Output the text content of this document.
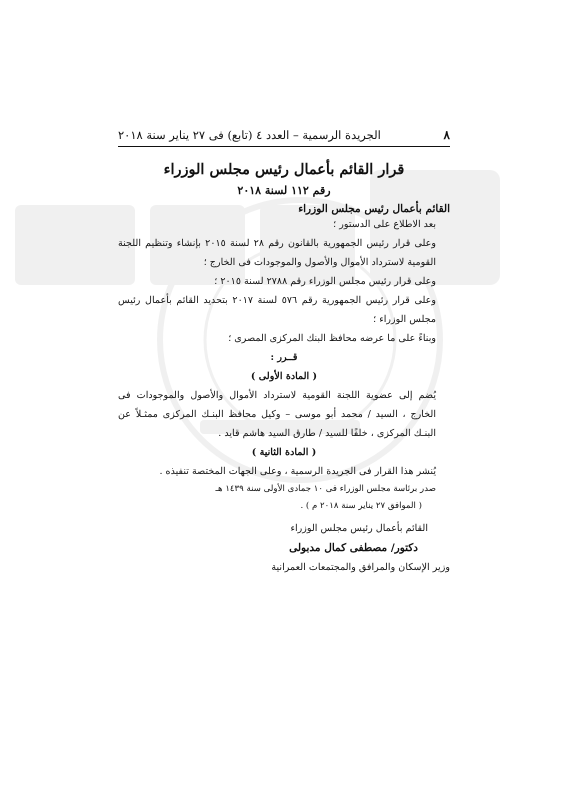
٨
الجريدة الرسمية – العدد ٤ (تابع) فى ٢٧ يناير سنة ٢٠١٨
قرار القائم بأعمال رئيس مجلس الوزراء
رقم ١١٢ لسنة ٢٠١٨
القائم بأعمال رئيس مجلس الوزراء

بعد الاطلاع على الدستور ؛

وعلى قرار رئيس الجمهورية بالقانون رقم ٢٨ لسنة ٢٠١٥ بإنشاء وتنظيم اللجنة القومية لاسترداد الأموال والأصول والموجودات فى الخارج ؛

وعلى قرار رئيس مجلس الوزراء رقم ٢٧٨٨ لسنة ٢٠١٥ ؛

وعلى قرار رئيس الجمهورية رقم ٥٧٦ لسنة ٢٠١٧ بتحديد القائم بأعمال رئيس مجلس الوزراء ؛

وبناءً على ما عرضه محافظ البنك المركزى المصرى ؛

قــرر :

( المادة الأولى )

يُضم إلى عضوية اللجنة القومية لاسترداد الأموال والأصول والموجودات فى الخارج ، السيد / محمد أبو موسى – وكيل محافظ البنـك المركزى ممثـلاً عن البنـك المركزى ، خلفًا للسيد / طارق السيد هاشم قايد .

( المادة الثانية )

يُنشر هذا القرار فى الجريدة الرسمية ، وعلى الجهات المختصة تنفيذه .

صدر برئاسة مجلس الوزراء فى ١٠ جمادى الأولى سنة ١٤٣٩ هـ

( الموافق ٢٧ يناير سنة ٢٠١٨ م ) .

القائم بأعمال رئيس مجلس الوزراء

دكتور/ مصطفى كمال مدبولى

وزير الإسكان والمرافق والمجتمعات العمرانية
